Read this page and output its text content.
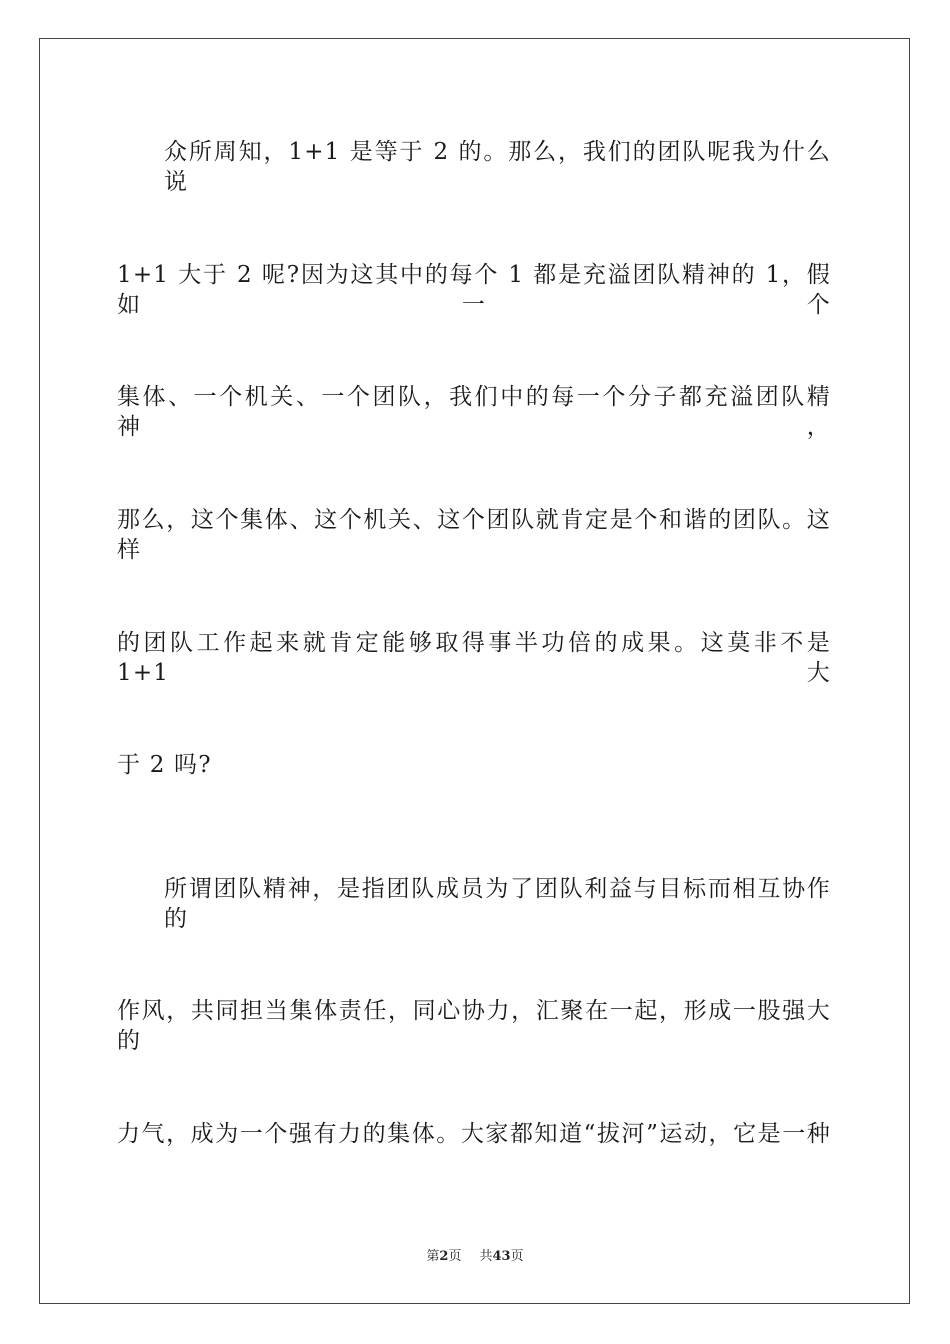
众所周知，1+1 是等于 2 的。那么，我们的团队呢我为什么说
1+1 大于 2 呢?因为这其中的每个 1 都是充溢团队精神的 1，假如一个
集体、一个机关、一个团队，我们中的每一个分子都充溢团队精神，
那么，这个集体、这个机关、这个团队就肯定是个和谐的团队。这样
的团队工作起来就肯定能够取得事半功倍的成果。这莫非不是 1+1 大
于 2 吗?
所谓团队精神，是指团队成员为了团队利益与目标而相互协作的
作风，共同担当集体责任，同心协力，汇聚在一起，形成一股强大的
力气，成为一个强有力的集体。大家都知道“拔河”运动，它是一种
第2页 共43页
